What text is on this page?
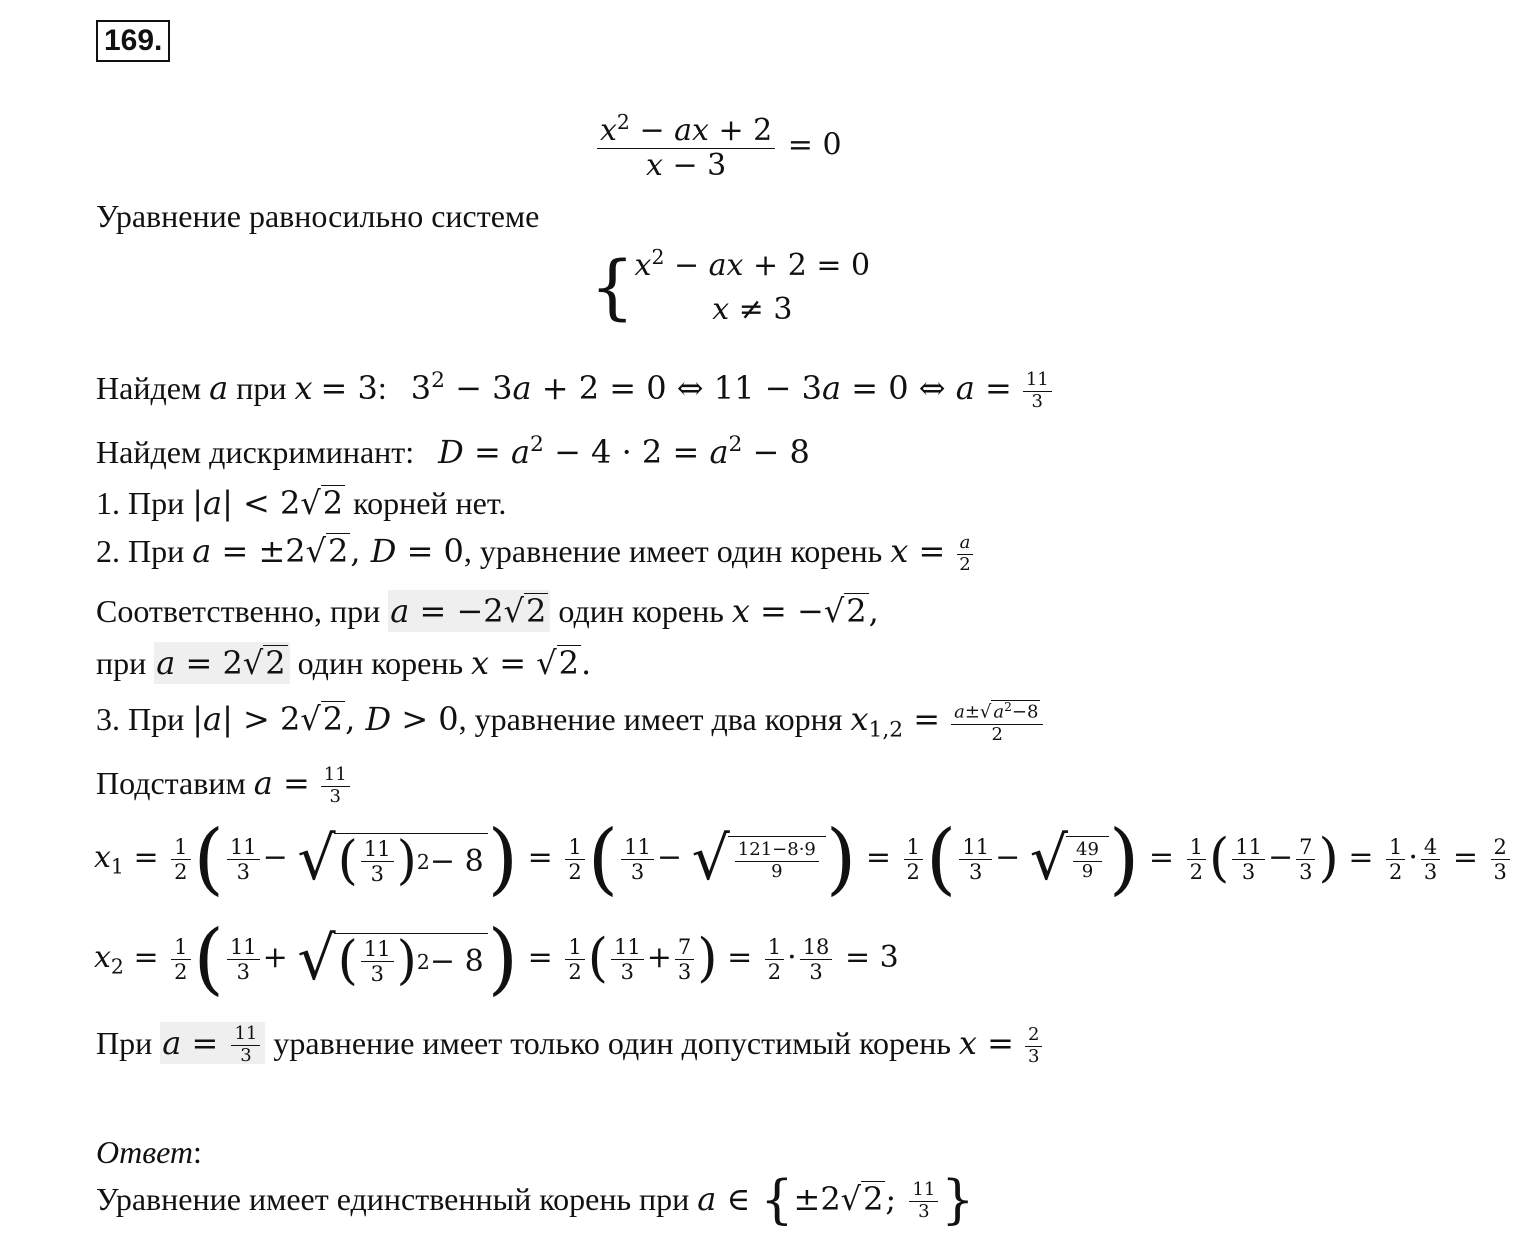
169.
$\frac{x^2 - ax + 2}{x - 3} = 0$
Уравнение равносильно системе
{ $x^2$ − ax + 2 = 0
x ≠ 3
Найдем a при x = 3:   $3^2 - 3a + 2 = 0$ ⇔ 11 − 3a = 0 ⇔ $a = \frac{11}{3}$
Найдем дискриминант: $D = a^2 - 4 \cdot 2 = a^2 - 8$
1. При |a| < 2√2 корней нет.
2. При a = ±2√2, D = 0, уравнение имеет один корень $x = \frac{a}{2}$
Соответственно, при a = −2√2 один корень x = −√2,
при a = 2√2 один корень x = √2.
3. При |a| > 2√2, D > 0, уравнение имеет два корня $x_{1,2} = \frac{a\pm√ a^2-8}{2}$
Подставим $a = \frac{11}{3}$
$x_1 = \frac{1}{2}$ ( $\frac{11}{3}$ − √ ( $\frac{11}{3}$ ) 2 − 8 ) = $\frac{1}{2}$ ( $\frac{11}{3}$ − √ $\frac{121-8\cdot 9}{9}$ ) = $\frac{1}{2}$ ( $\frac{11}{3}$ − √ $\frac{49}{9}$ ) = $\frac{1}{2}$ ( $\frac{11}{3} - \frac{7}{3}$ ) = $\frac{1}{2} \cdot \frac{4}{3} = \frac{2}{3}$
$x_2 = \frac{1}{2}$ ( $\frac{11}{3}$ + √ ( $\frac{11}{3}$ ) 2 − 8 ) = $\frac{1}{2}$ ( $\frac{11}{3} + \frac{7}{3}$ ) = $\frac{1}{2} \cdot \frac{18}{3} = 3$
При $a = \frac{11}{3}$ уравнение имеет только один допустимый корень $x = \frac{2}{3}$
Ответ:
Уравнение имеет единственный корень при a ∈ {±2√2; $\frac{11}{3}$ }
